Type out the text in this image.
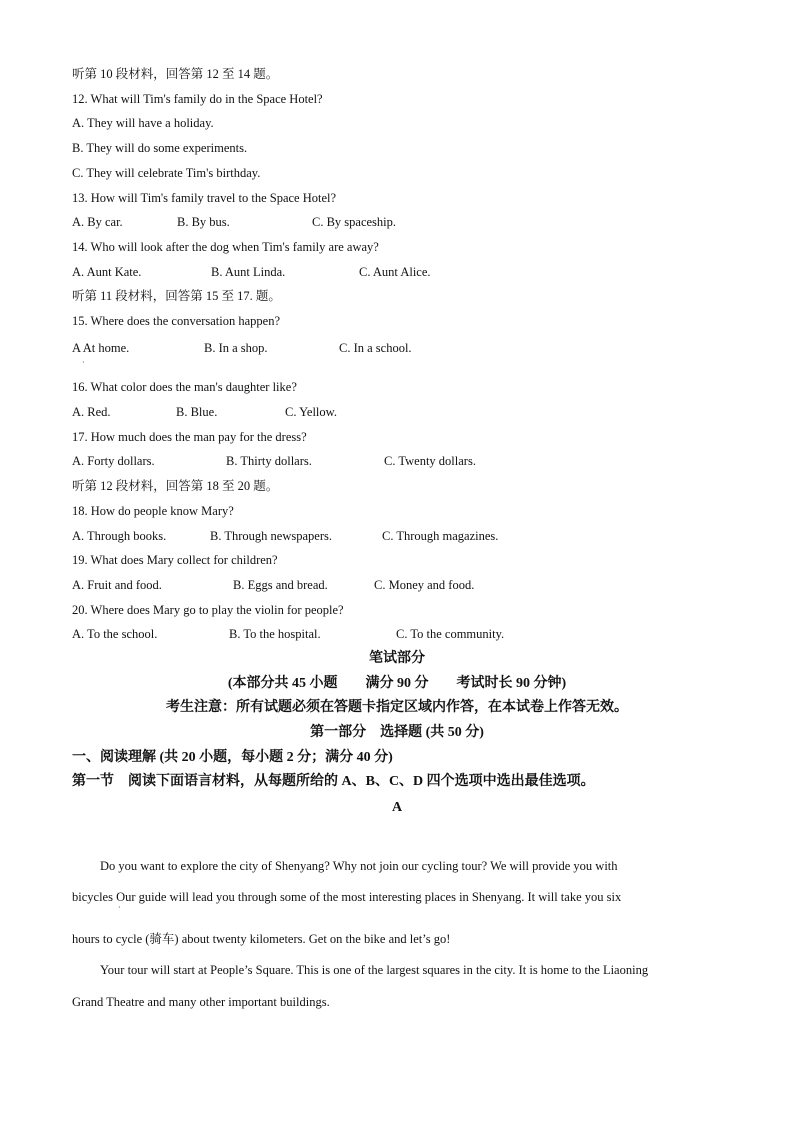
听第 10 段材料，回答第 12 至 14 题。
12. What will Tim's family do in the Space Hotel?
A. They will have a holiday.
B. They will do some experiments.
C. They will celebrate Tim's birthday.
13. How will Tim's family travel to the Space Hotel?
A. By car.	B. By bus.	C. By spaceship.
14. Who will look after the dog when Tim's family are away?
A. Aunt Kate.	B. Aunt Linda.	C. Aunt Alice.
听第 11 段材料，回答第 15 至 17. 题。
15. Where does the conversation happen?
A At home.	B. In a shop.	C. In a school.
·
16. What color does the man's daughter like?
A. Red.	B. Blue.	C. Yellow.
17. How much does the man pay for the dress?
A. Forty dollars.	B. Thirty dollars.	C. Twenty dollars.
听第 12 段材料，回答第 18 至 20 题。
18. How do people know Mary?
A. Through books.	B. Through newspapers.	C. Through magazines.
19. What does Mary collect for children?
A. Fruit and food.	B. Eggs and bread.	C. Money and food.
20. Where does Mary go to play the violin for people?
A. To the school.	B. To the hospital.	C. To the community.
笔试部分
(本部分共 45 小题　　满分 90 分　　考试时长 90 分钟)
考生注意：所有试题必须在答题卡指定区域内作答，在本试卷上作答无效。
第一部分　选择题 (共 50 分)
一、阅读理解 (共 20 小题，每小题 2 分；满分 40 分)
第一节　阅读下面语言材料，从每题所给的 A、B、C、D 四个选项中选出最佳选项。
A
Do you want to explore the city of Shenyang? Why not join our cycling tour? We will provide you with
bicycles Our guide will lead you through some of the most interesting places in Shenyang. It will take you six
·
hours to cycle (骑车) about twenty kilometers. Get on the bike and let’s go!
Your tour will start at People’s Square. This is one of the largest squares in the city. It is home to the Liaoning
Grand Theatre and many other important buildings.
